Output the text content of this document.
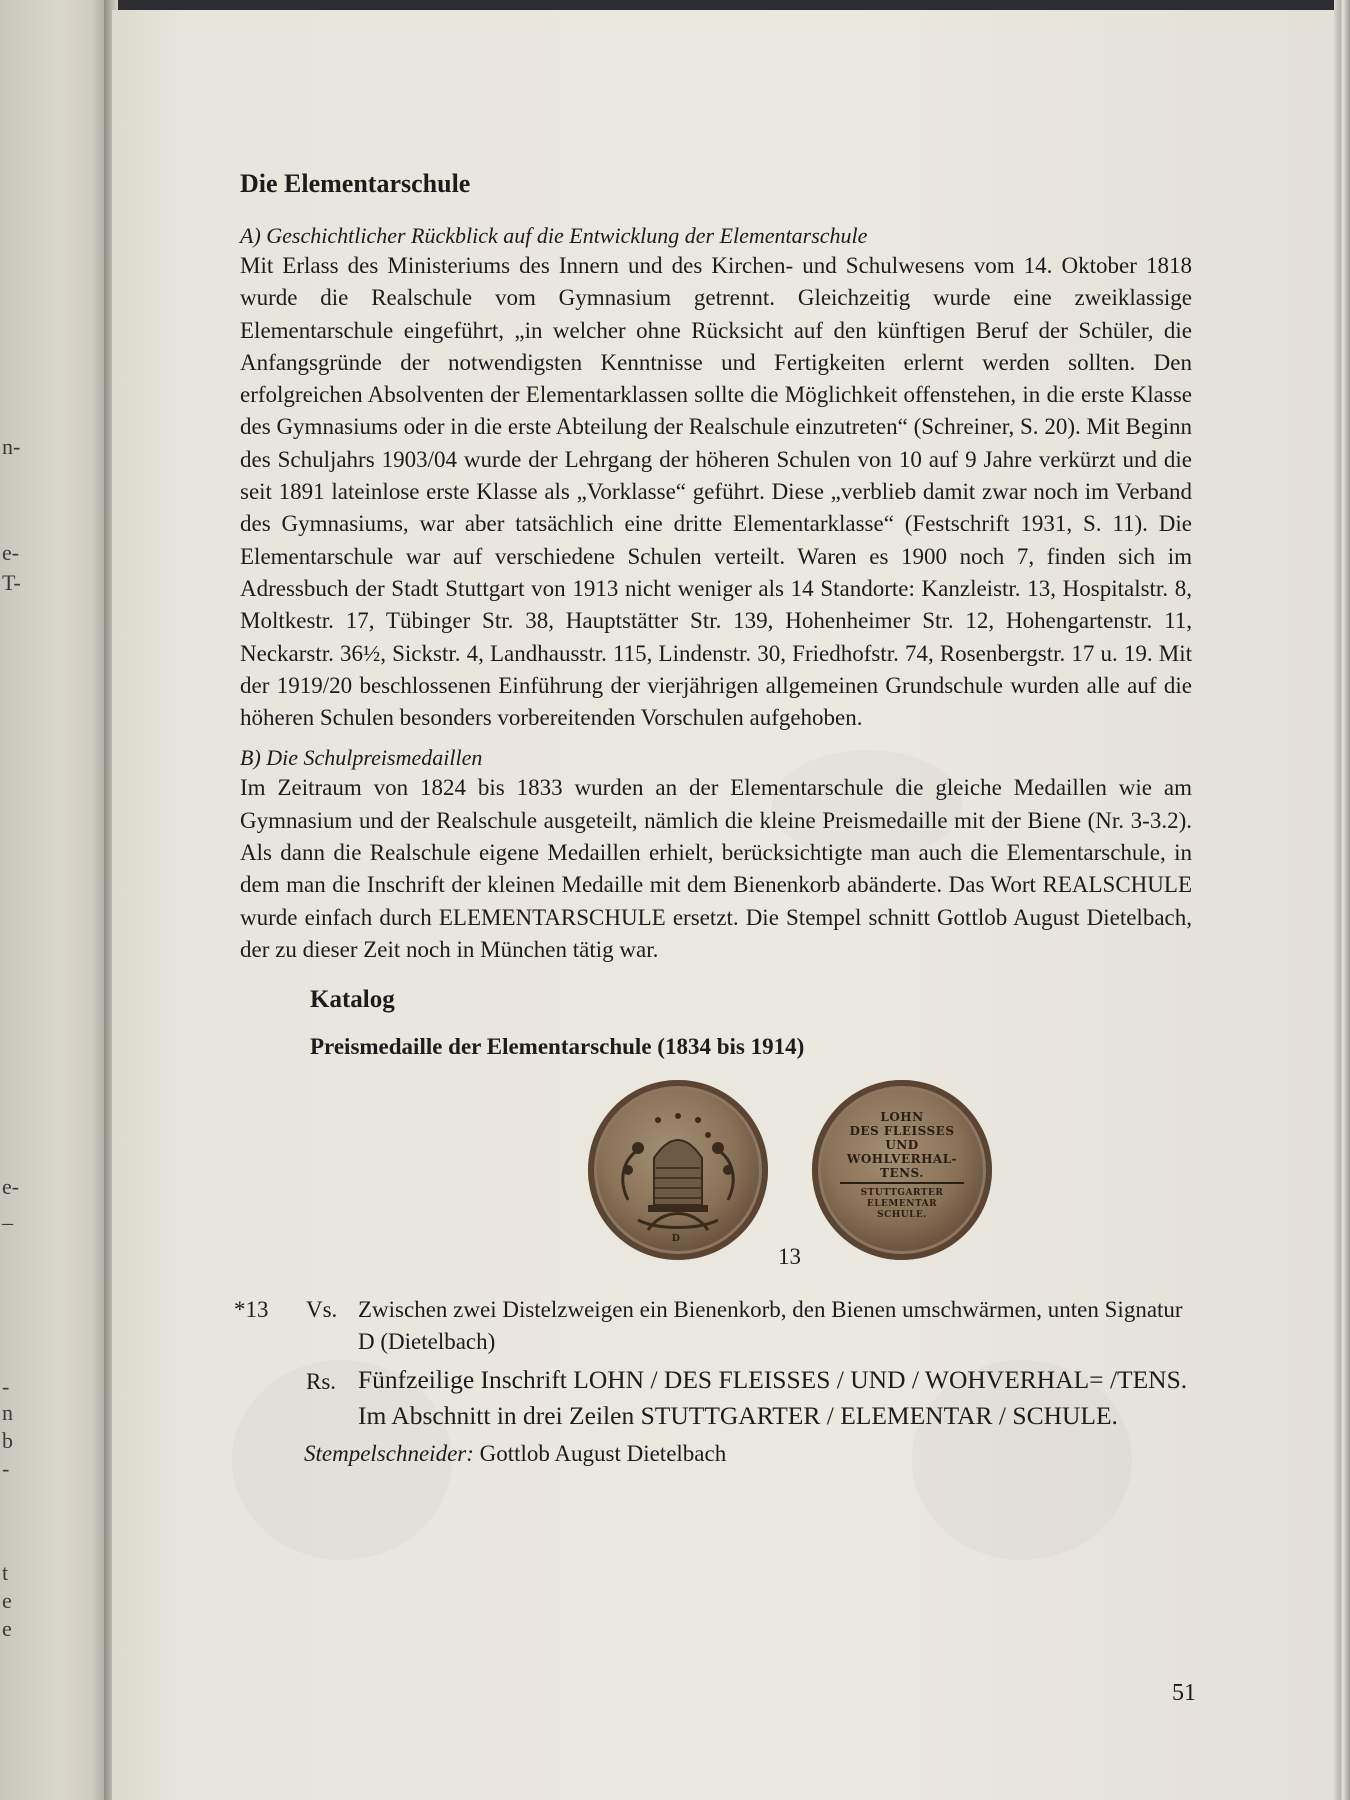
n-
e-
T-
e-
_
-
n
b
-
t
e
e
Die Elementarschule
A) Geschichtlicher Rückblick auf die Entwicklung der Elementarschule

Mit Erlass des Ministeriums des Innern und des Kirchen- und Schulwesens vom 14. Oktober 1818 wurde die Realschule vom Gymnasium getrennt. Gleichzeitig wurde eine zweiklassige Elementarschule eingeführt, „in welcher ohne Rücksicht auf den künftigen Beruf der Schüler, die Anfangsgründe der notwendigsten Kenntnisse und Fertigkeiten erlernt werden sollten. Den erfolgreichen Absolventen der Elementarklassen sollte die Möglichkeit offenstehen, in die erste Klasse des Gymnasiums oder in die erste Abteilung der Realschule einzutreten“ (Schreiner, S. 20). Mit Beginn des Schuljahrs 1903/04 wurde der Lehrgang der höheren Schulen von 10 auf 9 Jahre verkürzt und die seit 1891 lateinlose erste Klasse als „Vorklasse“ geführt. Diese „verblieb damit zwar noch im Verband des Gymnasiums, war aber tatsächlich eine dritte Elementarklasse“ (Festschrift 1931, S. 11). Die Elementarschule war auf verschiedene Schulen verteilt. Waren es 1900 noch 7, finden sich im Adressbuch der Stadt Stuttgart von 1913 nicht weniger als 14 Standorte: Kanzleistr. 13, Hospitalstr. 8, Moltkestr. 17, Tübinger Str. 38, Hauptstätter Str. 139, Hohenheimer Str. 12, Hohengartenstr. 11, Neckarstr. 36½, Sickstr. 4, Landhausstr. 115, Lindenstr. 30, Friedhofstr. 74, Rosenbergstr. 17 u. 19. Mit der 1919/20 beschlossenen Einführung der vierjährigen allgemeinen Grundschule wurden alle auf die höheren Schulen besonders vorbereitenden Vorschulen aufgehoben.

B) Die Schulpreismedaillen

Im Zeitraum von 1824 bis 1833 wurden an der Elementarschule die gleiche Medaillen wie am Gymnasium und der Realschule ausgeteilt, nämlich die kleine Preismedaille mit der Biene (Nr. 3-3.2). Als dann die Realschule eigene Medaillen erhielt, berücksichtigte man auch die Elementarschule, in dem man die Inschrift der kleinen Medaille mit dem Bienenkorb abänderte. Das Wort REALSCHULE wurde einfach durch ELEMENTARSCHULE ersetzt. Die Stempel schnitt Gottlob August Dietelbach, der zu dieser Zeit noch in München tätig war.

Katalog
Preismedaille der Elementarschule (1834 bis 1914)
D
LOHN
DES FLEISSES
UND
WOHLVERHAL-
TENS.
STUTTGARTER
ELEMENTAR
SCHULE.
13
*13 Vs. Zwischen zwei Distelzweigen ein Bienenkorb, den Bienen umschwärmen, unten Signatur D (Dietelbach)
Rs. Fünfzeilige Inschrift LOHN / DES FLEISSES / UND / WOHVERHAL= /TENS. Im Abschnitt in drei Zeilen STUTTGARTER / ELEMENTAR / SCHULE.
Stempelschneider: Gottlob August Dietelbach
51
